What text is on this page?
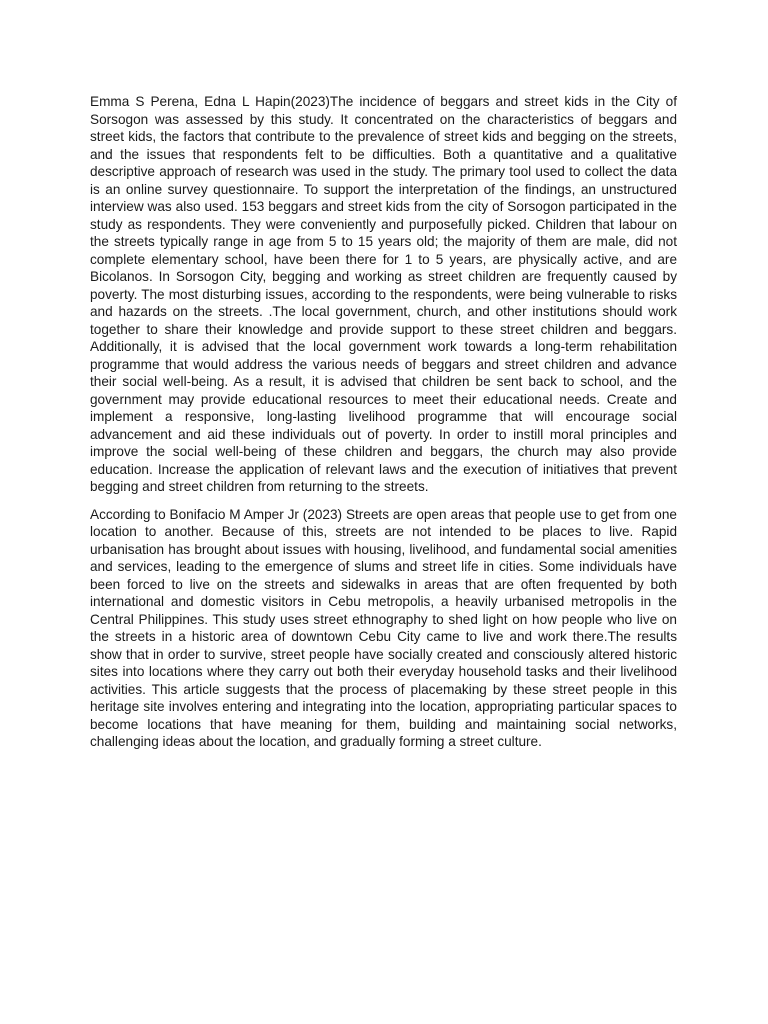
Emma S Perena, Edna L Hapin(2023)The incidence of beggars and street kids in the City of Sorsogon was assessed by this study. It concentrated on the characteristics of beggars and street kids, the factors that contribute to the prevalence of street kids and begging on the streets, and the issues that respondents felt to be difficulties. Both a quantitative and a qualitative descriptive approach of research was used in the study. The primary tool used to collect the data is an online survey questionnaire. To support the interpretation of the findings, an unstructured interview was also used. 153 beggars and street kids from the city of Sorsogon participated in the study as respondents. They were conveniently and purposefully picked. Children that labour on the streets typically range in age from 5 to 15 years old; the majority of them are male, did not complete elementary school, have been there for 1 to 5 years, are physically active, and are Bicolanos. In Sorsogon City, begging and working as street children are frequently caused by poverty. The most disturbing issues, according to the respondents, were being vulnerable to risks and hazards on the streets. .The local government, church, and other institutions should work together to share their knowledge and provide support to these street children and beggars. Additionally, it is advised that the local government work towards a long-term rehabilitation programme that would address the various needs of beggars and street children and advance their social well-being. As a result, it is advised that children be sent back to school, and the government may provide educational resources to meet their educational needs. Create and implement a responsive, long-lasting livelihood programme that will encourage social advancement and aid these individuals out of poverty. In order to instill moral principles and improve the social well-being of these children and beggars, the church may also provide education. Increase the application of relevant laws and the execution of initiatives that prevent begging and street children from returning to the streets.

According to Bonifacio M Amper Jr (2023) Streets are open areas that people use to get from one location to another. Because of this, streets are not intended to be places to live. Rapid urbanisation has brought about issues with housing, livelihood, and fundamental social amenities and services, leading to the emergence of slums and street life in cities. Some individuals have been forced to live on the streets and sidewalks in areas that are often frequented by both international and domestic visitors in Cebu metropolis, a heavily urbanised metropolis in the Central Philippines. This study uses street ethnography to shed light on how people who live on the streets in a historic area of downtown Cebu City came to live and work there.The results show that in order to survive, street people have socially created and consciously altered historic sites into locations where they carry out both their everyday household tasks and their livelihood activities. This article suggests that the process of placemaking by these street people in this heritage site involves entering and integrating into the location, appropriating particular spaces to become locations that have meaning for them, building and maintaining social networks, challenging ideas about the location, and gradually forming a street culture.
